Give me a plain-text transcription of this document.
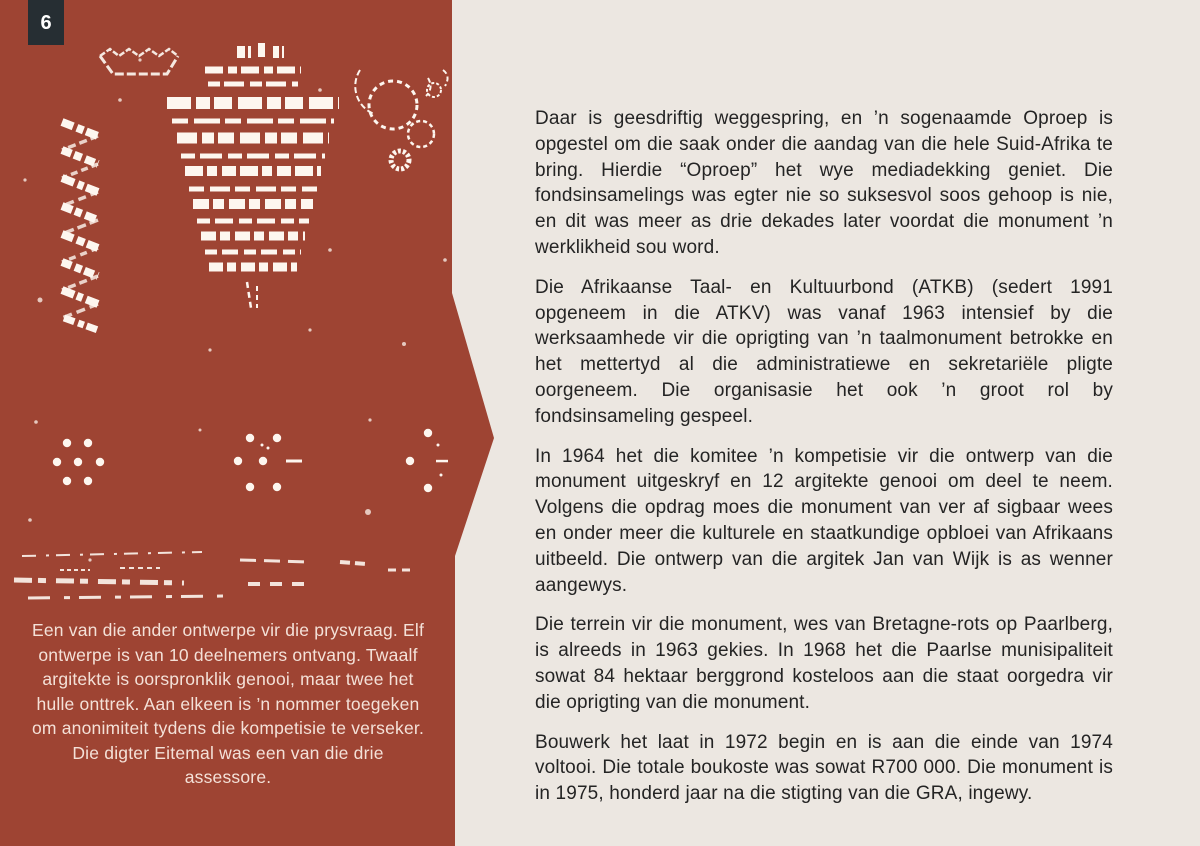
6
Een van die ander ontwerpe vir die prysvraag. Elf ontwerpe is van 10 deelnemers ontvang. Twaalf argitekte is oorspronklik genooi, maar twee het hulle onttrek. Aan elkeen is ’n nommer toegeken om anonimiteit tydens die kompetisie te verseker. Die digter Eitemal was een van die drie assessore.

Daar is geesdriftig weggespring, en ’n sogenaamde Oproep is opgestel om die saak onder die aandag van die hele Suid-Afrika te bring. Hierdie “Oproep” het wye mediadekking geniet. Die fondsinsamelings was egter nie so suksesvol soos gehoop is nie, en dit was meer as drie dekades later voordat die monument ’n werklikheid sou word.

Die Afrikaanse Taal- en Kultuurbond (ATKB) (sedert 1991 opgeneem in die ATKV) was vanaf 1963 intensief by die werksaamhede vir die oprigting van ’n taalmonument betrokke en het mettertyd al die administratiewe en sekretariële pligte oorgeneem. Die organisasie het ook ’n groot rol by fondsinsameling gespeel.

In 1964 het die komitee ’n kompetisie vir die ontwerp van die monument uitgeskryf en 12 argitekte genooi om deel te neem. Volgens die opdrag moes die monument van ver af sigbaar wees en onder meer die kulturele en staatkundige opbloei van Afrikaans uitbeeld. Die ontwerp van die argitek Jan van Wijk is as wenner aangewys.

Die terrein vir die monument, wes van Bretagne-rots op Paarlberg, is alreeds in 1963 gekies. In 1968 het die Paarlse munisipaliteit sowat 84 hektaar berggrond kosteloos aan die staat oorgedra vir die oprigting van die monument.

Bouwerk het laat in 1972 begin en is aan die einde van 1974 voltooi. Die totale boukoste was sowat R700 000. Die monument is in 1975, honderd jaar na die stigting van die GRA, ingewy.
